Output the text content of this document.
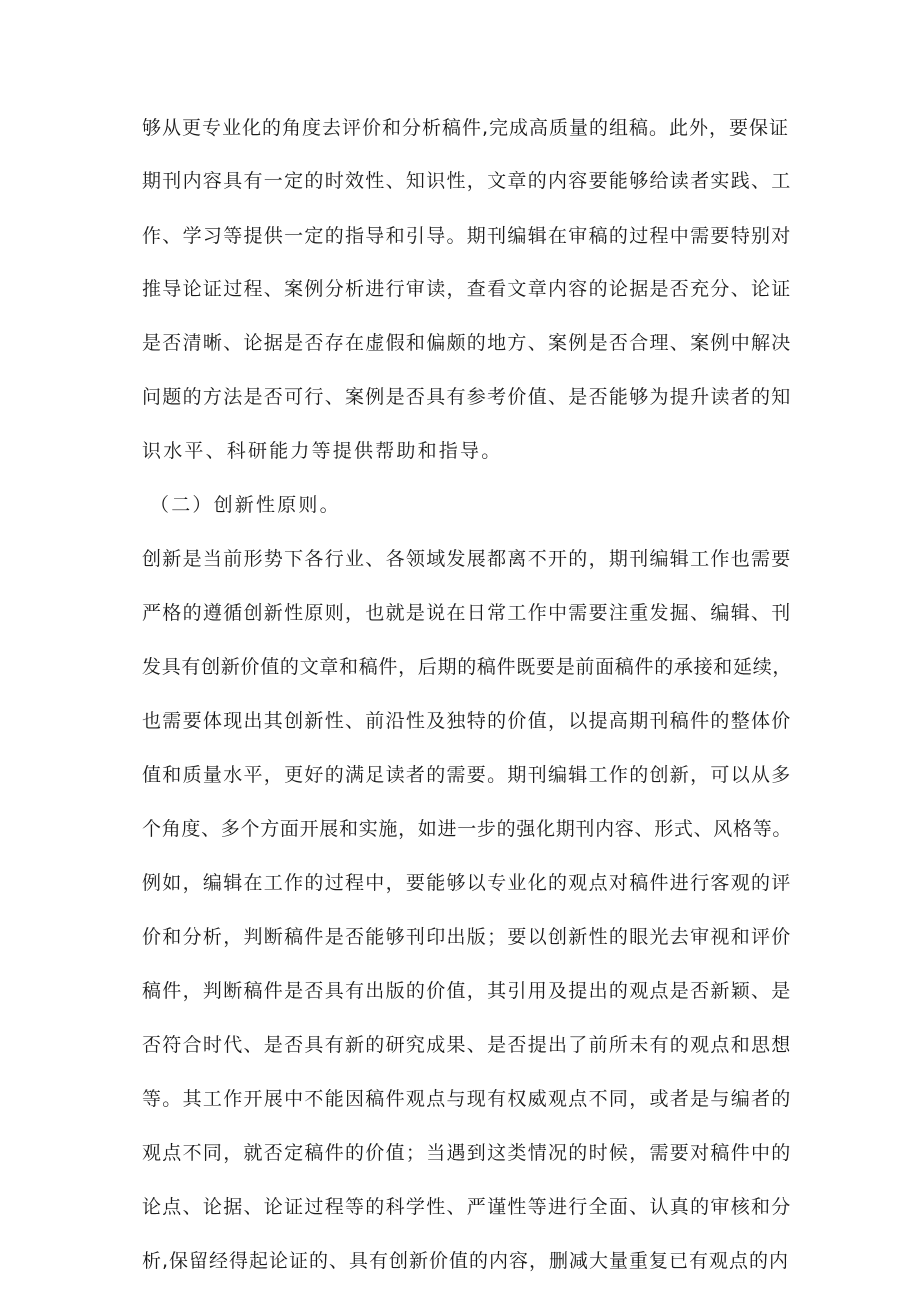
够从更专业化的角度去评价和分析稿件,完成高质量的组稿。此外，要保证
期刊内容具有一定的时效性、知识性，文章的内容要能够给读者实践、工
作、学习等提供一定的指导和引导。期刊编辑在审稿的过程中需要特别对
推导论证过程、案例分析进行审读，查看文章内容的论据是否充分、论证
是否清晰、论据是否存在虚假和偏颇的地方、案例是否合理、案例中解决
问题的方法是否可行、案例是否具有参考价值、是否能够为提升读者的知
识水平、科研能力等提供帮助和指导。
（二）创新性原则。
创新是当前形势下各行业、各领域发展都离不开的，期刊编辑工作也需要
严格的遵循创新性原则，也就是说在日常工作中需要注重发掘、编辑、刊
发具有创新价值的文章和稿件，后期的稿件既要是前面稿件的承接和延续，
也需要体现出其创新性、前沿性及独特的价值，以提高期刊稿件的整体价
值和质量水平，更好的满足读者的需要。期刊编辑工作的创新，可以从多
个角度、多个方面开展和实施，如进一步的强化期刊内容、形式、风格等。
例如，编辑在工作的过程中，要能够以专业化的观点对稿件进行客观的评
价和分析，判断稿件是否能够刊印出版；要以创新性的眼光去审视和评价
稿件，判断稿件是否具有出版的价值，其引用及提出的观点是否新颖、是
否符合时代、是否具有新的研究成果、是否提出了前所未有的观点和思想
等。其工作开展中不能因稿件观点与现有权威观点不同，或者是与编者的
观点不同，就否定稿件的价值；当遇到这类情况的时候，需要对稿件中的
论点、论据、论证过程等的科学性、严谨性等进行全面、认真的审核和分
析,保留经得起论证的、具有创新价值的内容，删减大量重复已有观点的内
